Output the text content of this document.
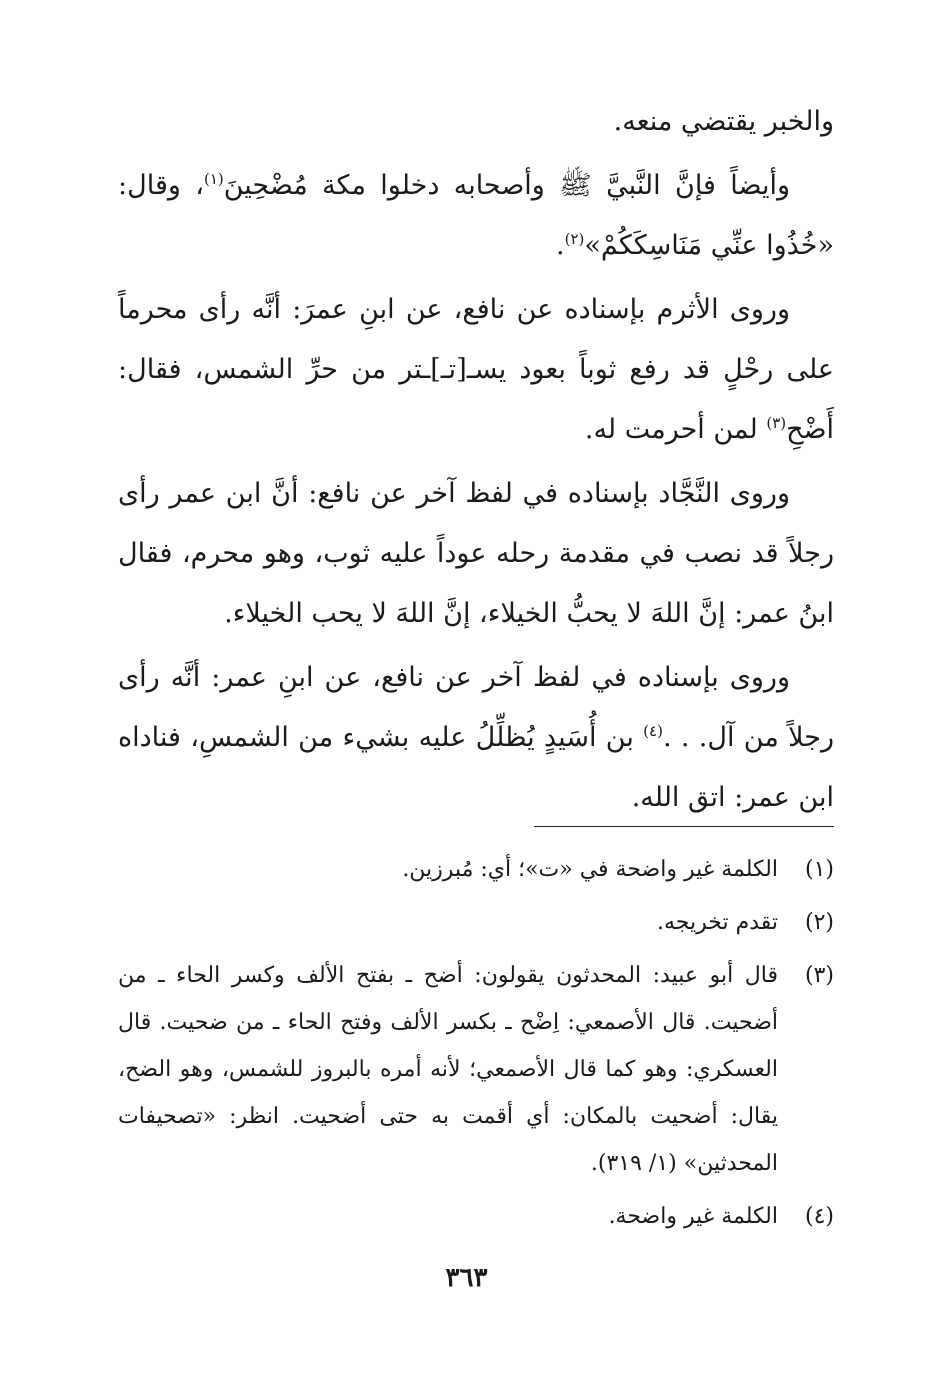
والخبر يقتضي منعه.

وأيضاً فإنَّ النَّبيَّ ﷺ وأصحابه دخلوا مكة مُضْحِينَ$^{(١)}$، وقال: «خُذُوا عنِّي مَنَاسِكَكُمْ»$^{(٢)}$.

وروى الأثرم بإسناده عن نافع، عن ابنِ عمرَ: أنَّه رأى محرماً على رحْلٍ قد رفع ثوباً بعود يسـ[تـ]ـتر من حرِّ الشمس، فقال: أَضْحِ$^{(٣)}$ لمن أحرمت له.

وروى النَّجَّاد بإسناده في لفظ آخر عن نافع: أنَّ ابن عمر رأى رجلاً قد نصب في مقدمة رحله عوداً عليه ثوب، وهو محرم، فقال ابنُ عمر: إنَّ اللهَ لا يحبُّ الخيلاء، إنَّ اللهَ لا يحب الخيلاء.

وروى بإسناده في لفظ آخر عن نافع، عن ابنِ عمر: أنَّه رأى رجلاً من آل. . .$^{(٤)}$ بن أُسَيدٍ يُظلِّلُ عليه بشيء من الشمسِ، فناداه ابن عمر: اتق الله.

(١)
الكلمة غير واضحة في «ت»؛ أي: مُبرزين.
(٢)
تقدم تخريجه.
(٣)
قال أبو عبيد: المحدثون يقولون: أضح ـ بفتح الألف وكسر الحاء ـ من أضحيت. قال الأصمعي: اِضْح ـ بكسر الألف وفتح الحاء ـ من ضحيت. قال العسكري: وهو كما قال الأصمعي؛ لأنه أمره بالبروز للشمس، وهو الضح، يقال: أضحيت بالمكان: أي أقمت به حتى أضحيت. انظر: «تصحيفات المحدثين» (١/ ٣١٩).
(٤)
الكلمة غير واضحة.
٣٦٣
